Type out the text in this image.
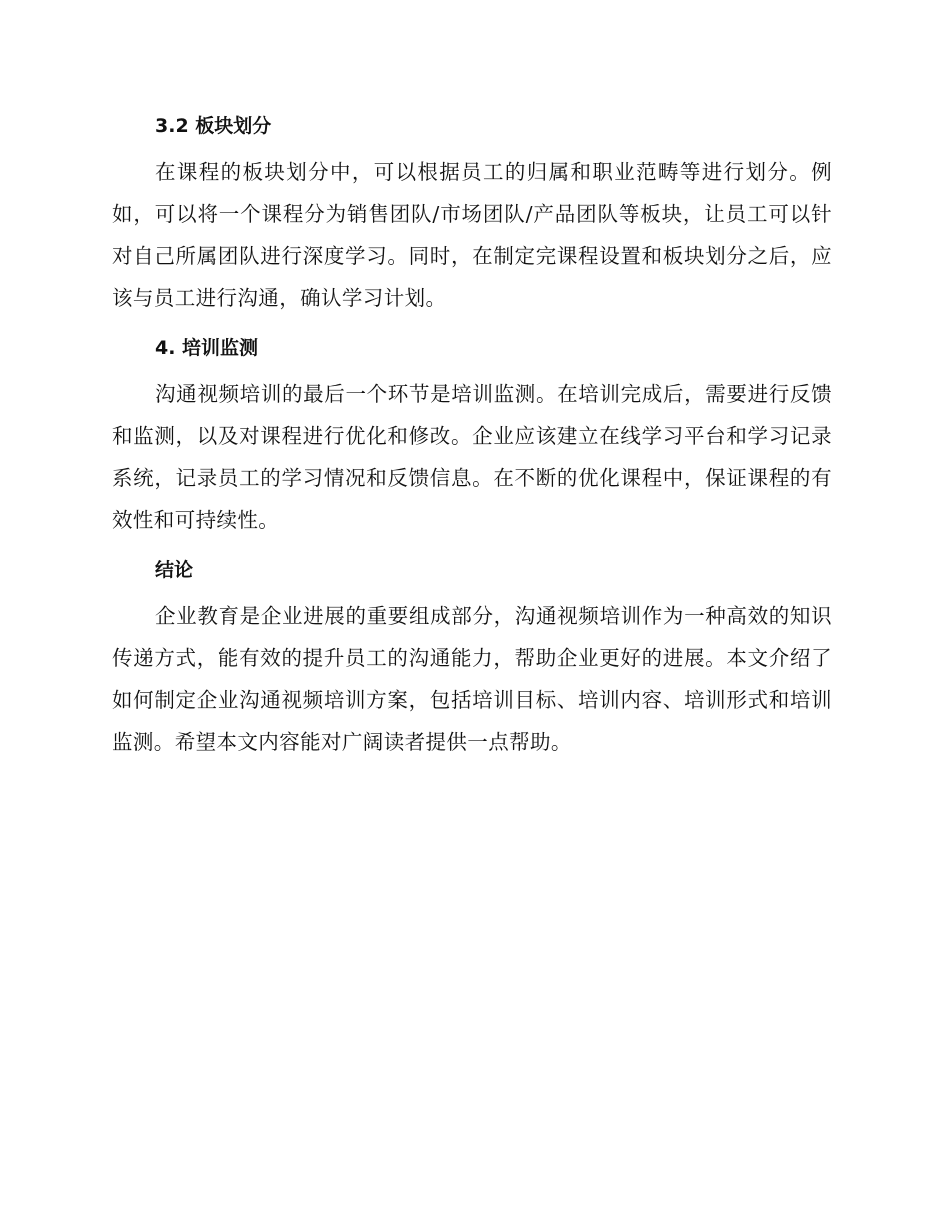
3.2 板块划分

在课程的板块划分中，可以根据员工的归属和职业范畴等进行划分。例如，可以将一个课程分为销售团队/市场团队/产品团队等板块，让员工可以针对自己所属团队进行深度学习。同时，在制定完课程设置和板块划分之后，应该与员工进行沟通，确认学习计划。

4. 培训监测

沟通视频培训的最后一个环节是培训监测。在培训完成后，需要进行反馈和监测，以及对课程进行优化和修改。企业应该建立在线学习平台和学习记录系统，记录员工的学习情况和反馈信息。在不断的优化课程中，保证课程的有效性和可持续性。

结论

企业教育是企业进展的重要组成部分，沟通视频培训作为一种高效的知识传递方式，能有效的提升员工的沟通能力，帮助企业更好的进展。本文介绍了如何制定企业沟通视频培训方案，包括培训目标、培训内容、培训形式和培训监测。希望本文内容能对广阔读者提供一点帮助。
